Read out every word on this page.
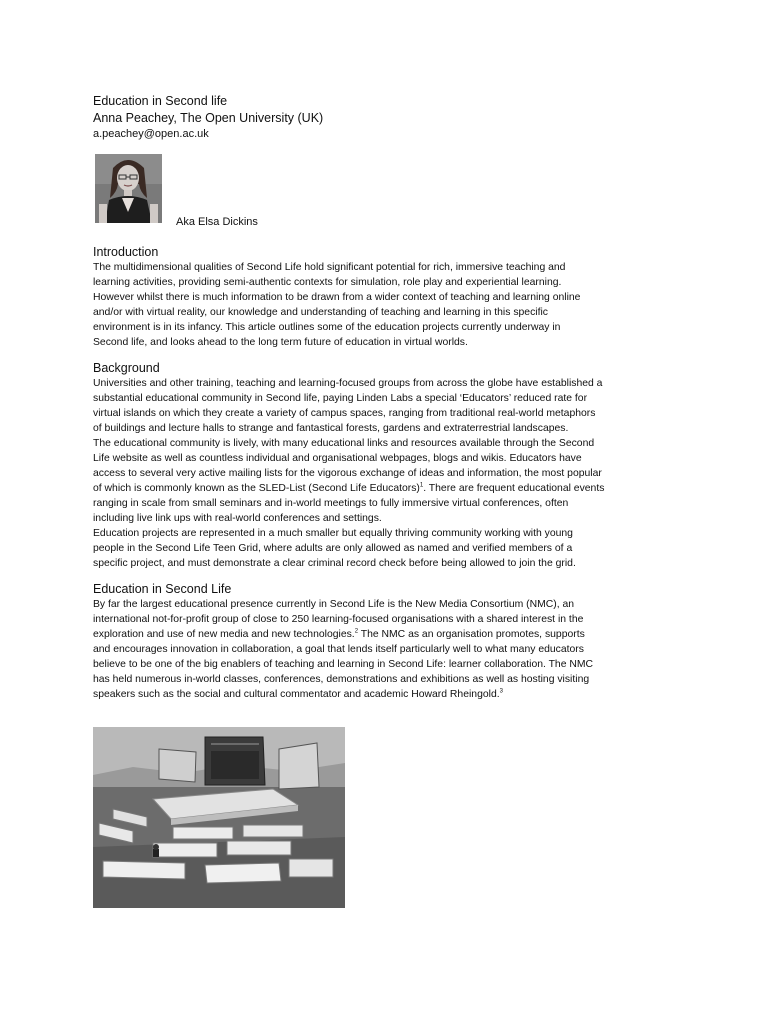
Education in Second life

Anna Peachey, The Open University (UK)

a.peachey@open.ac.uk

Aka Elsa Dickins

Introduction

The multidimensional qualities of Second Life hold significant potential for rich, immersive teaching and

learning activities, providing semi-authentic contexts for simulation, role play and experiential learning.

However whilst there is much information to be drawn from a wider context of teaching and learning online

and/or with virtual reality, our knowledge and understanding of teaching and learning in this specific

environment is in its infancy. This article outlines some of the education projects currently underway in

Second life, and looks ahead to the long term future of education in virtual worlds.

Background

Universities and other training, teaching and learning-focused groups from across the globe have established a

substantial educational community in Second life, paying Linden Labs a special ‘Educators’ reduced rate for

virtual islands on which they create a variety of campus spaces, ranging from traditional real-world metaphors

of buildings and lecture halls to strange and fantastical forests, gardens and extraterrestrial landscapes.

The educational community is lively, with many educational links and resources available through the Second

Life website as well as countless individual and organisational webpages, blogs and wikis. Educators have

access to several very active mailing lists for the vigorous exchange of ideas and information, the most popular

of which is commonly known as the SLED-List (Second Life Educators)$^1$. There are frequent educational events

ranging in scale from small seminars and in-world meetings to fully immersive virtual conferences, often

including live link ups with real-world conferences and settings.

Education projects are represented in a much smaller but equally thriving community working with young

people in the Second Life Teen Grid, where adults are only allowed as named and verified members of a

specific project, and must demonstrate a clear criminal record check before being allowed to join the grid.

Education in Second Life

By far the largest educational presence currently in Second Life is the New Media Consortium (NMC), an

international not-for-profit group of close to 250 learning-focused organisations with a shared interest in the

exploration and use of new media and new technologies.$^2$ The NMC as an organisation promotes, supports

and encourages innovation in collaboration, a goal that lends itself particularly well to what many educators

believe to be one of the big enablers of teaching and learning in Second Life: learner collaboration. The NMC

has held numerous in-world classes, conferences, demonstrations and exhibitions as well as hosting visiting

speakers such as the social and cultural commentator and academic Howard Rheingold.$^3$
